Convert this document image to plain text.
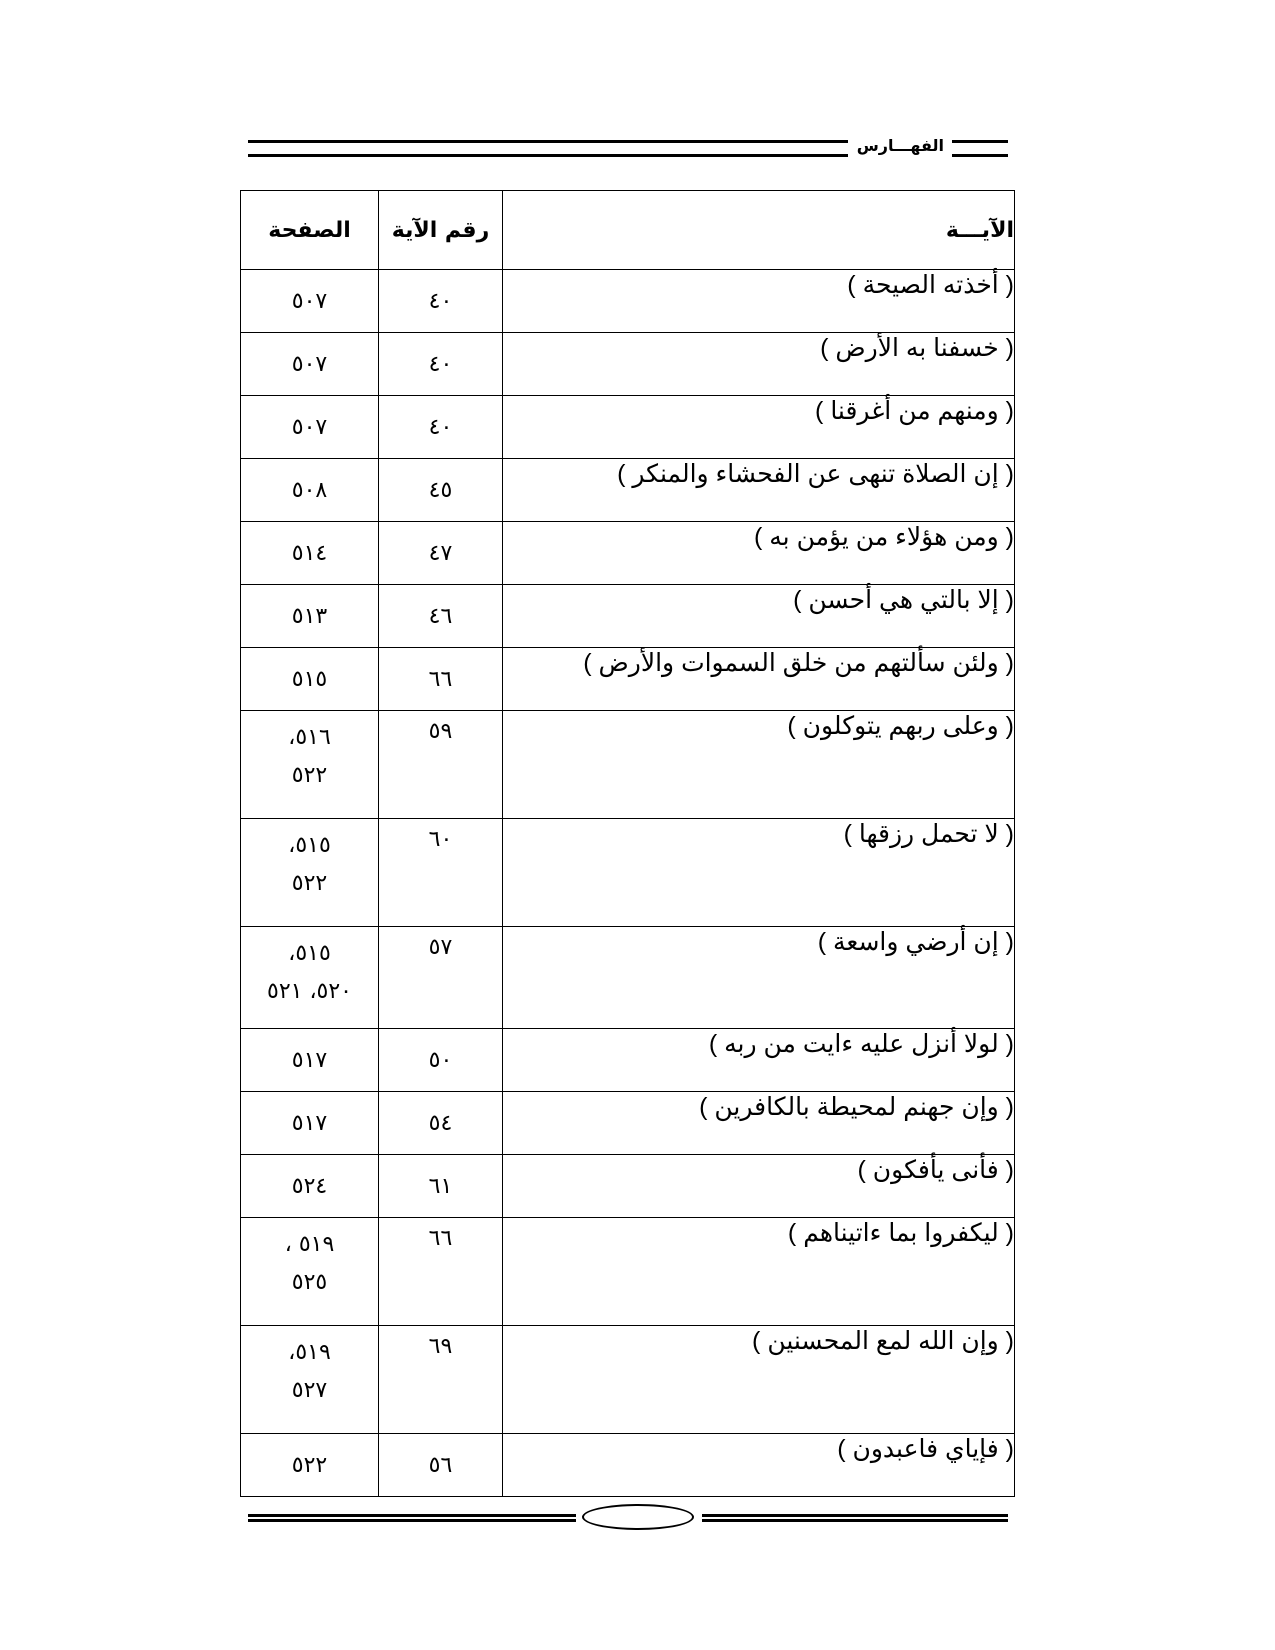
الفهـــارس
الآيـــة	رقم الآية	الصفحة
( أخذته الصيحة )	٤٠	٥٠٧

( خسفنا به الأرض )	٤٠	٥٠٧

( ومنهم من أغرقنا )	٤٠	٥٠٧

( إن الصلاة تنهى عن الفحشاء والمنكر )	٤٥	٥٠٨

( ومن هؤلاء من يؤمن به )	٤٧	٥١٤

( إلا بالتي هي أحسن )	٤٦	٥١٣

( ولئن سألتهم من خلق السموات والأرض )	٦٦	٥١٥

( وعلى ربهم يتوكلون )	٥٩	٥١٦،
٥٢٢

( لا تحمل رزقها )	٦٠	٥١٥،
٥٢٢

( إن أرضي واسعة )	٥٧	٥١٥،
٥٢٠، ٥٢١

( لولا أنزل عليه ءايت من ربه )	٥٠	٥١٧

( وإن جهنم لمحيطة بالكافرين )	٥٤	٥١٧

( فأنى يأفكون )	٦١	٥٢٤

( ليكفروا بما ءاتيناهم )	٦٦	٥١٩ ،
٥٢٥

( وإن الله لمع المحسنين )	٦٩	٥١٩،
٥٢٧

( فإياي فاعبدون )	٥٦	٥٢٢
